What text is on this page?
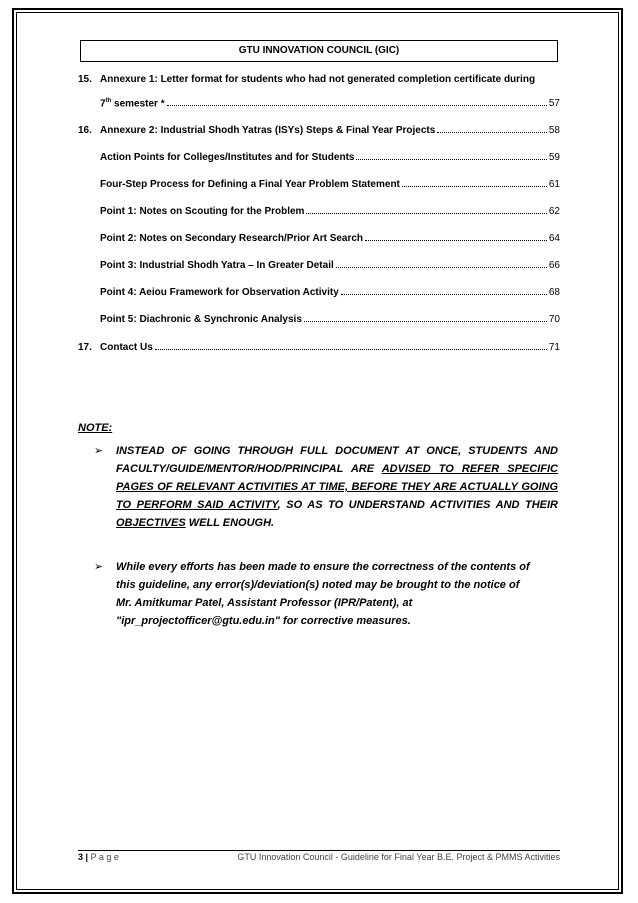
GTU INNOVATION COUNCIL (GIC)
15. Annexure 1: Letter format for students who had not generated completion certificate during
7th semester *	57
16. Annexure 2: Industrial Shodh Yatras (ISYs) Steps & Final Year Projects	58
Action Points for Colleges/Institutes and for Students	59
Four-Step Process for Defining a Final Year Problem Statement	61
Point 1: Notes on Scouting for the Problem	62
Point 2: Notes on Secondary Research/Prior Art Search	64
Point 3: Industrial Shodh Yatra – In Greater Detail	66
Point 4: Aeiou Framework for Observation Activity	68
Point 5: Diachronic & Synchronic Analysis	70
17. Contact Us	71
NOTE:
➢ INSTEAD OF GOING THROUGH FULL DOCUMENT AT ONCE, STUDENTS AND FACULTY/GUIDE/MENTOR/HOD/PRINCIPAL ARE ADVISED TO REFER SPECIFIC PAGES OF RELEVANT ACTIVITIES AT TIME, BEFORE THEY ARE ACTUALLY GOING TO PERFORM SAID ACTIVITY, SO AS TO UNDERSTAND ACTIVITIES AND THEIR OBJECTIVES WELL ENOUGH.
➢ While every efforts has been made to ensure the correctness of the contents of
this guideline, any error(s)/deviation(s) noted may be brought to the notice of
Mr. Amitkumar Patel, Assistant Professor (IPR/Patent), at
"ipr_projectofficer@gtu.edu.in" for corrective measures.
3 | P a g e	GTU Innovation Council - Guideline for Final Year B.E. Project & PMMS Activities
